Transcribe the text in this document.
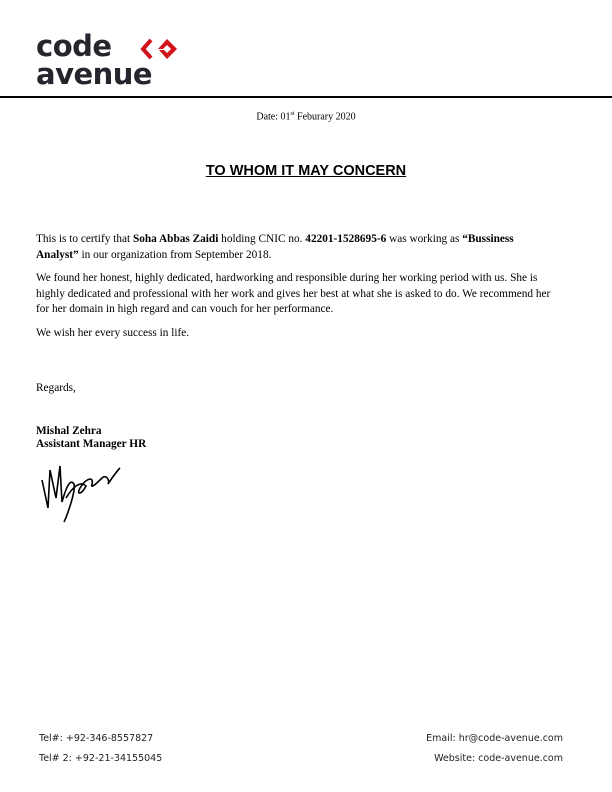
code
avenue
Date: 01st Feburary 2020
TO WHOM IT MAY CONCERN

This is to certify that Soha Abbas Zaidi holding CNIC no. 42201-1528695-6 was working as “Bussiness Analyst” in our organization from September 2018.

We found her honest, highly dedicated, hardworking and responsible during her working period with us. She is highly dedicated and professional with her work and gives her best at what she is asked to do. We recommend her for her domain in high regard and can vouch for her performance.

We wish her every success in life.

Regards,
Mishal Zehra
Assistant Manager HR
Tel#: +92-346-8557827
Tel# 2: +92-21-34155045
Email: hr@code-avenue.com
Website: code-avenue.com
